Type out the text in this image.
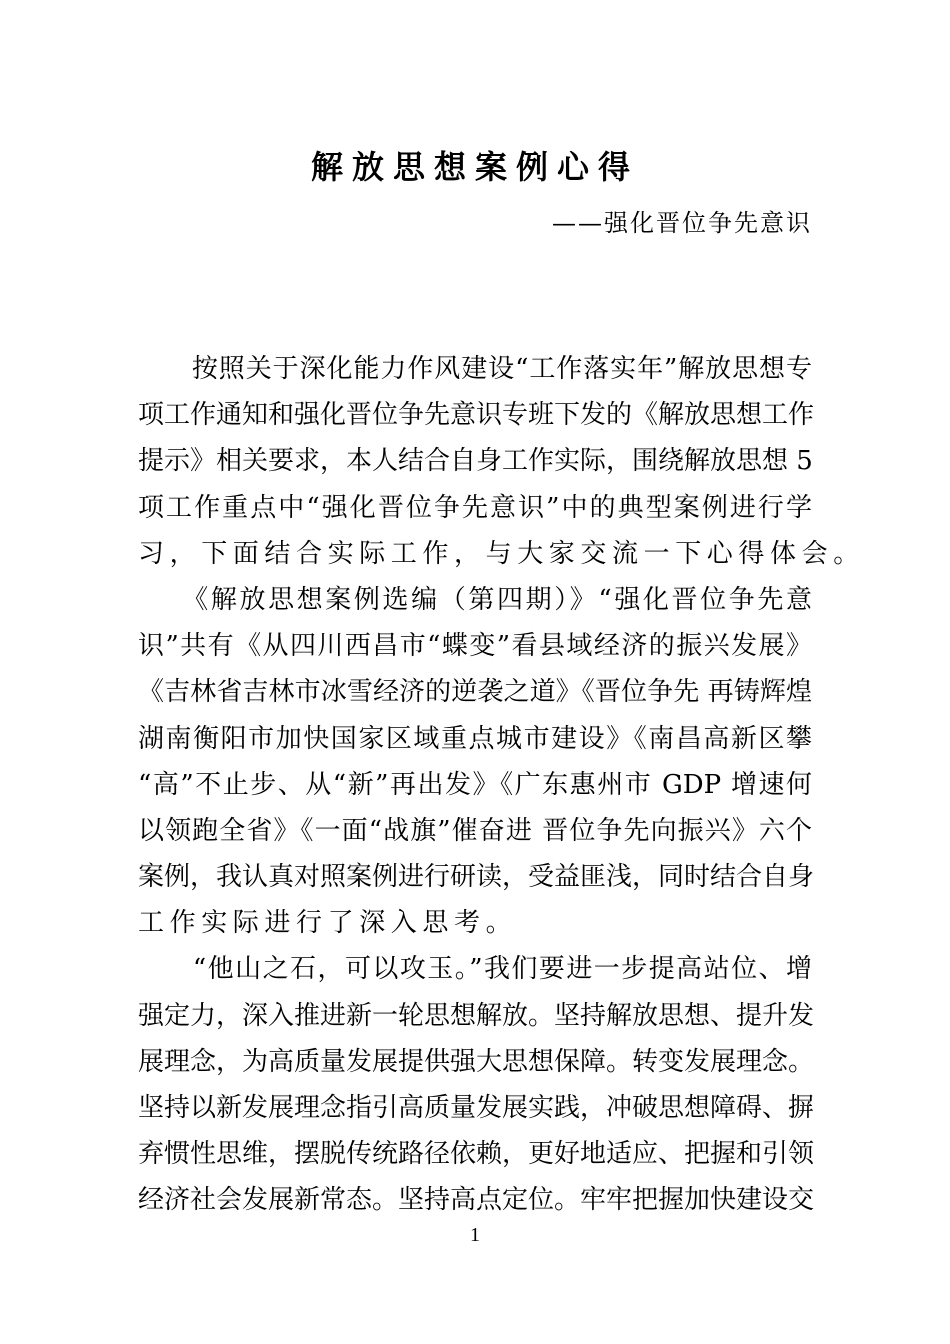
解放思想案例心得
——强化晋位争先意识
　　按照关于深化能力作风建设“工作落实年”解放思想专
项工作通知和强化晋位争先意识专班下发的《解放思想工作
提示》相关要求，本人结合自身工作实际，围绕解放思想 5
项工作重点中“强化晋位争先意识”中的典型案例进行学
习，下面结合实际工作，与大家交流一下心得体会。
　　《解放思想案例选编（第四期）》“强化晋位争先意
识”共有《从四川西昌市“蝶变”看县域经济的振兴发展》
《吉林省吉林市冰雪经济的逆袭之道》《晋位争先 再铸辉煌
湖南衡阳市加快国家区域重点城市建设》《南昌高新区攀
“高”不止步、从“新”再出发》《广东惠州市 GDP 增速何
以领跑全省》《一面“战旗”催奋进 晋位争先向振兴》六个
案例，我认真对照案例进行研读，受益匪浅，同时结合自身
工作实际进行了深入思考。
　　“他山之石，可以攻玉。”我们要进一步提高站位、增
强定力，深入推进新一轮思想解放。坚持解放思想、提升发
展理念，为高质量发展提供强大思想保障。转变发展理念。
坚持以新发展理念指引高质量发展实践，冲破思想障碍、摒
弃惯性思维，摆脱传统路径依赖，更好地适应、把握和引领
经济社会发展新常态。坚持高点定位。牢牢把握加快建设交
1
